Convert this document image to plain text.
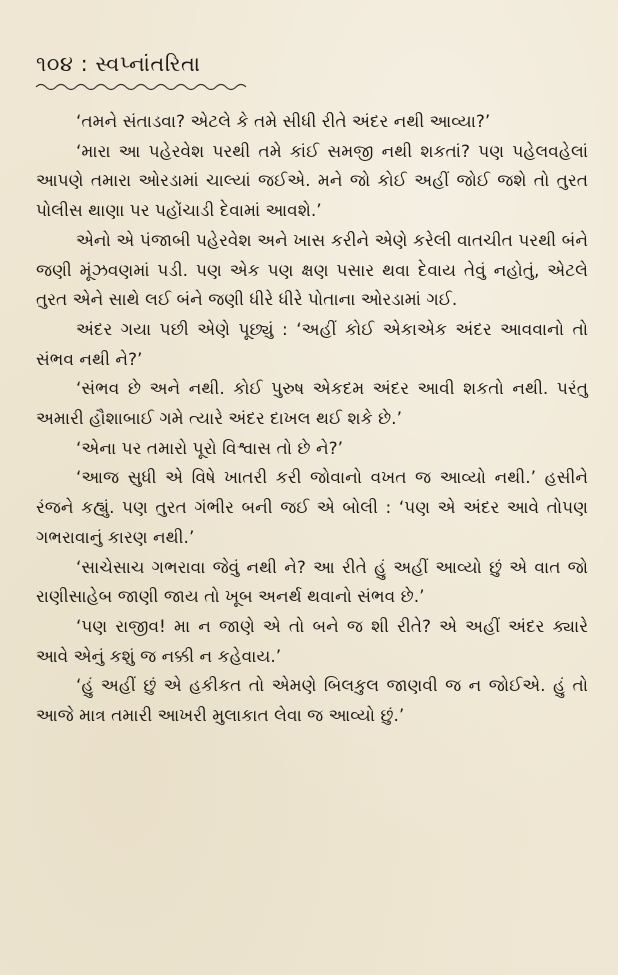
૧૦૪ : સ્વપ્નાંતરિતા

‘તમને સંતાડવા? એટલે કે તમે સીધી રીતે અંદર નથી આવ્યા?’

‘મારા આ પહેરવેશ પરથી તમે કાંઈ સમજી નથી શકતાં? પણ પહેલવહેલાં આપણે તમારા ઓરડામાં ચાલ્યાં જઈએ. મને જો કોઈ અહીં જોઈ જશે તો તુરત પોલીસ થાણા પર પહોંચાડી દેવામાં આવશે.’

એનો એ પંજાબી પહેરવેશ અને ખાસ કરીને એણે કરેલી વાતચીત પરથી બંને જણી મૂંઝવણમાં પડી. પણ એક પણ ક્ષણ પસાર થવા દેવાય તેવું નહોતું, એટલે તુરત એને સાથે લઈ બંને જણી ધીરે ધીરે પોતાના ઓરડામાં ગઈ.

અંદર ગયા પછી એણે પૂછ્યું : ‘અહીં કોઈ એકાએક અંદર આવવાનો તો સંભવ નથી ને?’

‘સંભવ છે અને નથી. કોઈ પુરુષ એકદમ અંદર આવી શકતો નથી. પરંતુ અમારી હૌશાબાઈ ગમે ત્યારે અંદર દાખલ થઈ શકે છે.’

‘એના પર તમારો પૂરો વિશ્વાસ તો છે ને?’

‘આજ સુધી એ વિષે ખાતરી કરી જોવાનો વખત જ આવ્યો નથી.’ હસીને રંજને કહ્યું. પણ તુરત ગંભીર બની જઈ એ બોલી : ‘પણ એ અંદર આવે તોપણ ગભરાવાનું કારણ નથી.’

‘સાચેસાચ ગભરાવા જેવું નથી ને? આ રીતે હું અહીં આવ્યો છું એ વાત જો રાણીસાહેબ જાણી જાય તો ખૂબ અનર્થ થવાનો સંભવ છે.’

‘પણ રાજીવ! મા ન જાણે એ તો બને જ શી રીતે? એ અહીં અંદર ક્યારે આવે એનું કશું જ નક્કી ન કહેવાય.’

‘હું અહીં છું એ હકીકત તો એમણે બિલકુલ જાણવી જ ન જોઈએ. હું તો આજે માત્ર તમારી આખરી મુલાકાત લેવા જ આવ્યો છું.’
